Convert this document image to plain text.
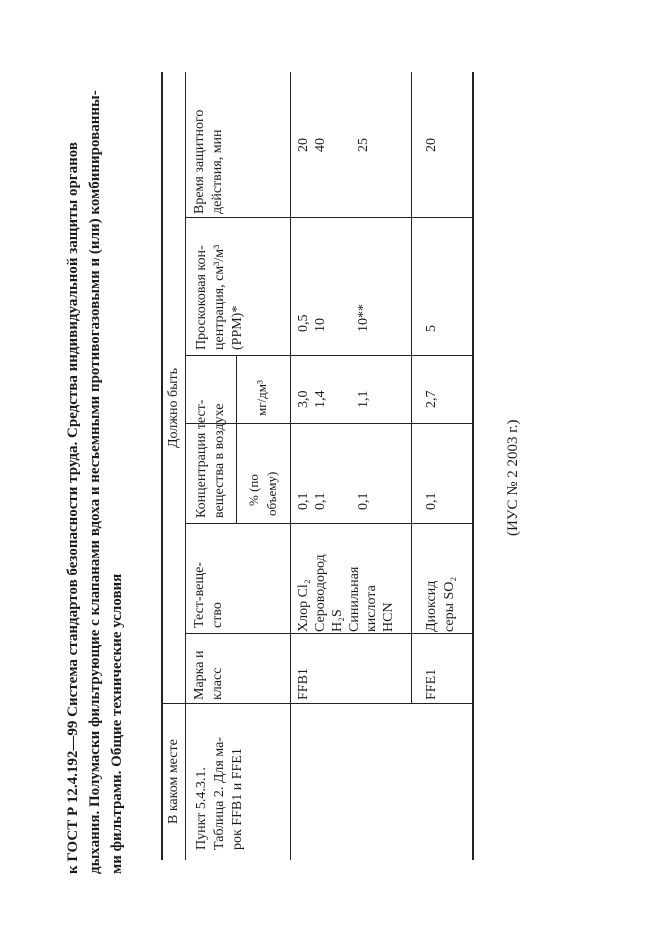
к ГОСТ Р 12.4.192—99 Система стандартов безопасности труда. Средства индивидуальной защиты органов дыхания. Полумаски фильтрующие с клапанами вдоха и несъемными противогазовыми и (или) комбинированны- ми фильтрами. Общие технические условия	В каком месте
Должно быть
Пункт 5.4.3.1. Таблица 2. Для ма- рок FFB1 и FFE1
Марка и класс
Тест-веще- ство
Концентрация тест- вещества в воздухе % (по объему)
мг/дм³
Проскоковая кон- центрация, см³/м³ (PPM)*
Время защитного действия, мин
FFB1
Хлор Cl₂ Сероводород H₂S Синильная кислота HCN
0,1 0,1 0,1
3,0 1,4 1,1
0,5 10 10**
20 40 25
FFE1
Диоксид серы SO₂
0,1
2,7
5
20
(ИУС № 2 2003 г.)
